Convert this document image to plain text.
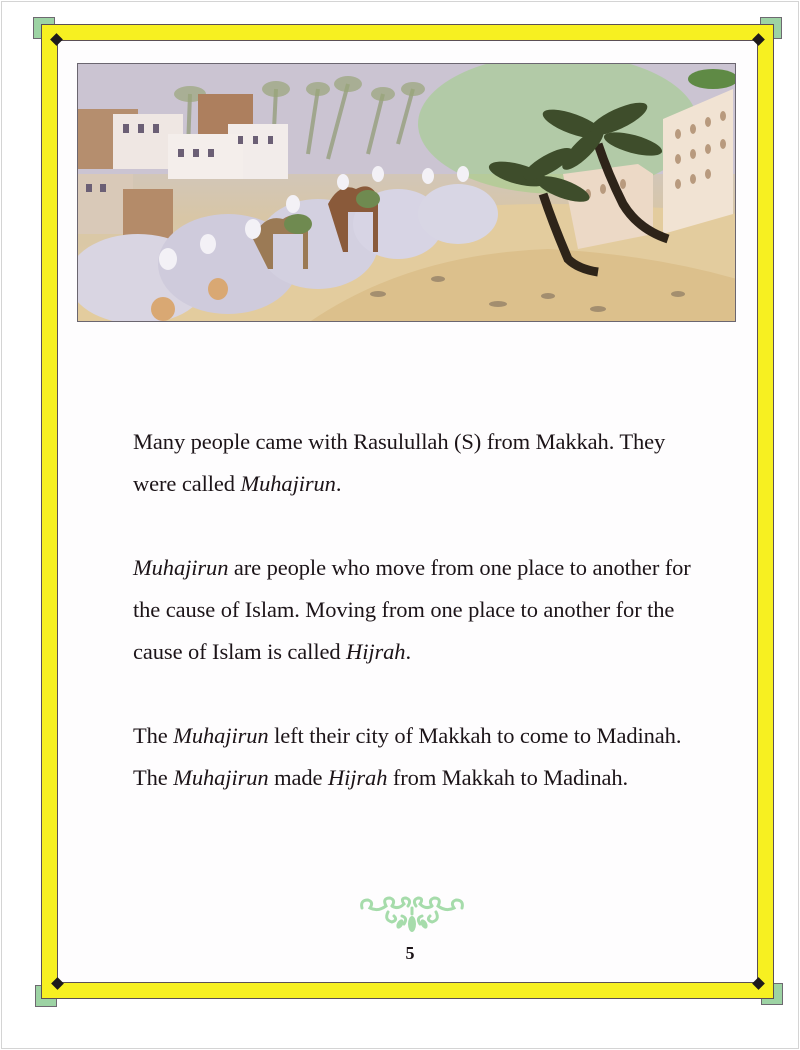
Many people came with Rasulullah (S) from Makkah. They were called Muhajirun.

Muhajirun are people who move from one place to another for the cause of Islam. Moving from one place to another for the cause of Islam is called Hijrah.

The Muhajirun left their city of Makkah to come to Madinah. The Muhajirun made Hijrah from Makkah to Madinah.

5
